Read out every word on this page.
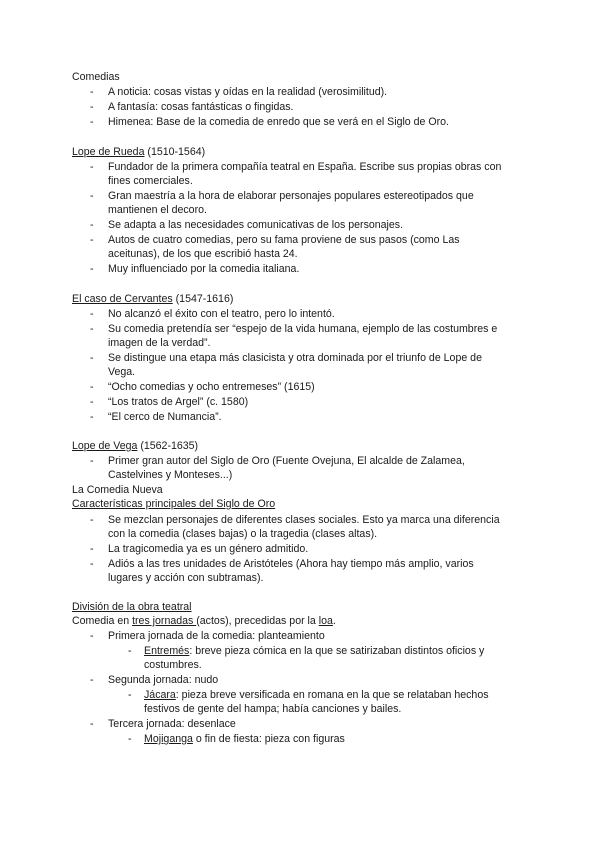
Comedias
- A noticia: cosas vistas y oídas en la realidad (verosimilitud).
- A fantasía: cosas fantásticas o fingidas.
- Himenea: Base de la comedia de enredo que se verá en el Siglo de Oro.
Lope de Rueda (1510-1564)
- Fundador de la primera compañía teatral en España. Escribe sus propias obras con
fines comerciales.
- Gran maestría a la hora de elaborar personajes populares estereotipados que
mantienen el decoro.
- Se adapta a las necesidades comunicativas de los personajes.
- Autos de cuatro comedias, pero su fama proviene de sus pasos (como Las
aceitunas), de los que escribió hasta 24.
- Muy influenciado por la comedia italiana.
El caso de Cervantes (1547-1616)
- No alcanzó el éxito con el teatro, pero lo intentó.
- Su comedia pretendía ser “espejo de la vida humana, ejemplo de las costumbres e
imagen de la verdad”.
- Se distingue una etapa más clasicista y otra dominada por el triunfo de Lope de
Vega.
- “Ocho comedias y ocho entremeses” (1615)
- “Los tratos de Argel” (c. 1580)
- “El cerco de Numancia”.
Lope de Vega (1562-1635)
- Primer gran autor del Siglo de Oro (Fuente Ovejuna, El alcalde de Zalamea,
Castelvines y Monteses...)
La Comedia Nueva
Características principales del Siglo de Oro
- Se mezclan personajes de diferentes clases sociales. Esto ya marca una diferencia
con la comedia (clases bajas) o la tragedia (clases altas).
- La tragicomedia ya es un género admitido.
- Adiós a las tres unidades de Aristóteles (Ahora hay tiempo más amplio, varios
lugares y acción con subtramas).
División de la obra teatral
Comedia en tres jornadas (actos), precedidas por la loa.
- Primera jornada de la comedia: planteamiento
- Entremés: breve pieza cómica en la que se satirizaban distintos oficios y
costumbres.
- Segunda jornada: nudo
- Jácara: pieza breve versificada en romana en la que se relataban hechos
festivos de gente del hampa; había canciones y bailes.
- Tercera jornada: desenlace
- Mojiganga o fin de fiesta: pieza con figuras
